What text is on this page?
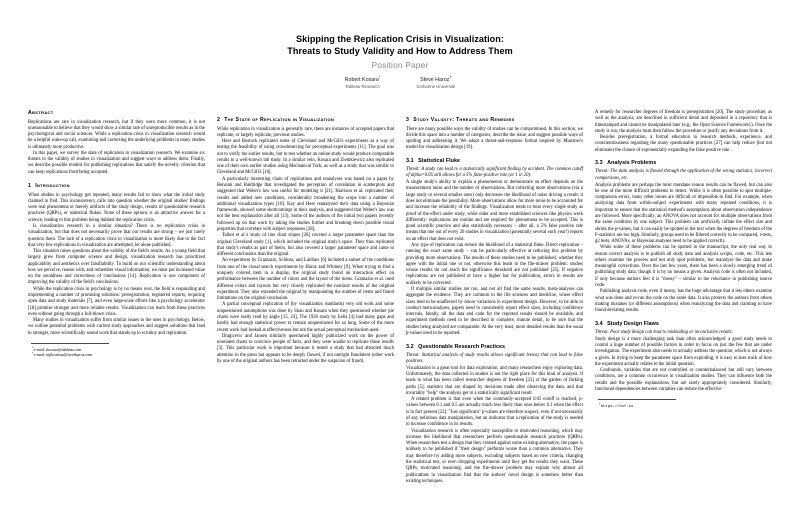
Skipping the Replication Crisis in Visualization:
Threats to Study Validity and How to Address Them
Position Paper
Robert Kosara*
Tableau Research
Steve Haroz†
Sorbonne Université
Abstract

Replications are rare in visualization research, but if they were more common, it is not unreasonable to believe that they would show a similar rate of unreproducible results as in the psychological and social sciences. While a replication crisis in visualization research would be a helpful wake-up call, examining and correcting the underlying problems in many studies is ultimately more productive.

In this paper, we survey the state of replication in visualization research. We examine six threats to the validity of studies in visualization and suggest ways to address them. Finally, we describe possible models for publishing replications that satisfy the novelty criterion that can keep replications from being accepted.

1 Introduction

When studies in psychology get repeated, many results fail to show what the initial study claimed to find. This inconsistency calls into question whether the original studies' findings were real phenomena or merely artifacts of the study design, results of questionable research practices (QRPs), or statistical flukes. None of these options is an attractive answer for a science, leading to this problem being dubbed the replication crisis.

Is visualization research in a similar situation? There is no replication crisis in visualization, but that does not necessarily prove that our results are strong – we just rarely question them. The lack of a replication crisis in visualization is more likely due to the fact that very few replications in visualization are attempted, let alone published.

This situation raises questions about the validity of the field's results. As a young field that largely grew from computer science and design, visualization research has prioritized applicability and aesthetics over falsifiability. To build on our scientific understanding about how we perceive, reason with, and remember visual information, we must put increased value on the soundness and correctness of conclusions [14]. Replication is one component of improving the validity of the field's conclusions.

While the replication crisis in psychology is by no means over, the field is responding and implementing a number of promising solutions: preregistration, registered reports, requiring open data and study materials [7], and even large-scale efforts like a psychology accelerator [18] promise stronger and more reliable results. Visualization can learn from these practices even without going through a full-blown crisis.

Many studies in visualization suffer from similar issues to the ones in psychology. Below, we outline potential problems with current study approaches and suggest solutions that lead to stronger, more scientifically sound work that stands up to scrutiny and replication.

*e-mail: rkosara@tableau.com

†e-mail: replication@steveharoz.com

2 The State of Replication in Visualization

While replication in visualization is generally rare, there are instances of accepted papers that replicate, or largely replicate, previous studies.

Heer and Bostock replicated some of Cleveland and McGill's experiments as a way of testing the feasibility of using crowdsourcing for perceptual experiments [11]. The goal was not to verify the earlier results, but to test whether an online study would produce comparable results to a well-known lab study. In a similar vein, Kosara and Ziemkiewicz also replicated one of their own earlier studies using Mechanical Turk, as well as a study that was similar to Cleveland and McGill's [16].

A particularly interesting chain of replications and reanalyses was based on a paper by Rensink and Baldridge that investigated the perception of correlation in scatterplots and suggested that Weber's law was useful for modeling it [21]. Harrison et al. replicated their results and added new conditions, considerably broadening the scope into a number of additional visualization types [10]. Kay and Heer reanalyzed their data using a Bayesian framework, showed some shortcomings in their analysis, and suggested that Weber's law was not the best explanation after all [13]. Some of the authors of the initial two papers recently followed up on that work by taking the studies further and breaking down possible visual properties that correlate with subject responses [28].

Talbot et al.'s study of line chart slopes [26] covered a larger parameter space than the original Cleveland study [1], which included the original study's space. They thus replicated that study's results as part of theirs, but also covered a larger parameter space and came to different conclusions than the original.

An experiment by Gramazio, Schloss, and Laidlaw [6] included a subset of the conditions from one of the visual search experiments by Haroz and Whitney [9]. When trying to find a uniquely colored item in a display, the original study found an interaction effect on performance between the number of colors and the layout of the items. Gramazio et al. used different colors and layouts but very closely replicated the nominal results of the original experiment. They also extended the original by manipulating the number of items and found limitations on the original conclusion.

A partial conceptual replication of (by visualization standards) very old work and some unquestioned assumptions was done by Skau and Kosara when they questioned whether pie charts were really read by angle [15, 24]. The 1926 study by Eells [4] had many gaps and hardly had enough statistical power to remain unquestioned for so long. Some of the more recent work had looked at effectiveness but not the actual perceptual mechanism used.

Dragicevic and Jansen similarly questioned highly publicized work on the power of unrelated charts to convince people of facts, and they were unable to replicate those results [3]. This particular work is important because it tested a study that had attracted much attention in the press but appears to be deeply flawed, if not outright fraudulent (other work by one of the original authors has been retracted under the suspicion of fraud).

3 Study Validity: Threats and Remedies

There are many possible ways the validity of studies can be compromised. In this section, we divide this space into a number of categories, describe the issue, and suggest possible ways of spotting and addressing it. We adopt a threat-and-response format inspired by Munzner's model for visualization design [19].

3.1 Statistical Fluke

Threat: A study can lead to a statistically significant finding by accident. The common cutoff of alpha=0.05 still allows for a 5% false-positive rate (or 1 in 20).

A single study's ability to explain a phenomenon or demonstrate an effect depends on the measurement noise and the number of observations. But collecting more observations (via a large study or several smaller ones) only decreases the likelihood of noise driving a result; it does not eliminate the possibility. More observations allow for more noise to be accounted for and increase the reliability of the findings. Visualization tends to treat every single study as proof of the effect under study, while older and more established sciences like physics work differently: replications are routine and are required for phenomena to be accepted. This is good scientific practice and also statistically necessary – after all, a 5% false positive rate means that one out of every 20 studies in visualization (potentially several each year!) reports on an effect that does not exist.

Any type of replication can reduce the likelihood of a statistical fluke. Direct replication – running the exact same study – can be particularly effective at reducing this problem by providing more observations. The results of these studies need to be published, whether they agree with the initial one or not, otherwise this leads to the file-drawer problem: studies whose results do not reach the significance threshold are not published [25]. If negative replications are not published or have a higher bar for publication, errors in results are unlikely to be corrected.

If multiple similar studies are run, and not all find the same results, meta-analyses can aggregate the evidence. They are common in the life sciences and medicine, where effect sizes tend to be unaffected by minor variations in experiment design. However, to be able to conduct meta-analyses, papers need to consistently report effect sizes, including confidence intervals. Ideally, all the data and code for the reported results should be available, and experiment methods need to be described in complete, minute detail, to be sure that the studies being analyzed are comparable. At the very least, more detailed results than the usual p-values need to be reported.

3.2 Questionable Research Practices

Threat: Statistical analysis of study results allows significant leeway that can lead to false positives.

Visualization is a great tool for data exploration, and many researchers enjoy exploring data. Unfortunately, the data collected in studies is not the right place for this kind of analysis. It leads to what has been called researcher degrees of freedom [23] or the garden of forking paths [5]: statistics that are shaped by decisions made after observing the data, and that invariably "help" the analysis get to a statistically significant result.

A related problem is that even when the commonly-accepted 0.05 cutoff is reached, p-values between 0.1 and 0.5 are actually much less likely than ones below 0.1 when the effect is in fact present [22]. "Just significant" p-values are therefore suspect, even if not necessarily of any nefarious data manipulation, but an indicator that a replication of the study is needed to increase confidence in its results.

Visualization research is often especially susceptible to motivated reasoning, which may increase the likelihood that researchers perform questionable research practices (QRPs). When researchers test a design that they created against some existing alternative, the paper is unlikely to be published if "their design" performs worse than a common alternative. They may therefore try adding more subjects, excluding subjects based on new criteria, changing the statistical test, or even dropping experiments until they get the results they want. These QRPs, motivated reasoning, and the file-drawer problem may explain why almost all publications in visualization find that the authors' novel design is somehow better than existing techniques.

A remedy for researcher degrees of freedom is preregistration [20]. The study procedure, as well as the analysis, are described in sufficient detail and deposited in a repository that is timestamped and cannot be manipulated later (e.g., the Open Science Framework1). Once the study is run, the analysis must then follow the procedure or justify any deviations from it.

Besides preregistration, a formal education in research methods, experience, and conscientiousness regarding the many questionable practices [27] can help reduce (but not eliminate) the chance of exponentially expanding the false positive rate.

3.3 Analysis Problems

Threat: The data analysis is flawed through the application of the wrong statistics, incorrect comparisons, etc.

Analysis problems are perhaps the most mundane reason results can be flawed, but can also be one of the more difficult problems to detect. While it is often possible to spot multiple-comparison errors, many other issues are difficult or impossible to find. For example, when analyzing data from within-subject experiments with many repeated conditions, it is important to ensure that the statistical method's assumptions about observation independence are followed. More specifically, an ANOVA does not account for multiple observations from the same condition by one subject. This problem can artificially inflate the effect size and shrink the p-values, but it can easily be spotted in the text when the degrees of freedom of the F-statistics are too high. Similarly, groups need to be filtered correctly to be compared, t-tests, g2 tests, ANOVAs, or Bayesian analyses need to be applied correctly.

While some of these problems can be spotted in the manuscript, the only real way to ensure correct analysis is to publish all study data and analysis scripts, code, etc. This lets others examine the process and not only spot problems, but reanalyze the data and make meaningful corrections. Over the last few years, there has been a slowly emerging trend of publishing study data, though it is by no means a given. Analysis code is often not included, if only because authors feel it is "messy" – similar to the reluctance in publishing source code.

Publishing analysis code, even if messy, has the huge advantage that it lets others examine what was done and re-run the code on the same data. It also protects the authors from others making mistakes (or different assumptions) when reanalyzing the data and claiming to have found deviating results.

3.4 Study Design Flaws

Threat: Poor study design can lead to misleading or inconclusive results.

Study design is a more challenging task than often acknowledged: a good study needs to control a huge number of possible factors in order to focus on just the few that are under investigation. The experiment also needs to actually address the question, which is not always a given. In trying to keep the parameter space from exploding, it is easy to lose track of how the experiment actually relates to the initial question.

Confounds, variables that are not controlled or counterbalanced but still vary between conditions, are a common occurrence in visualization studies. They can influence both the results and the possible explanations, but are rarely appropriately considered. Similarly, functional dependencies between variables can reduce the effective

$^1$https://osf.io
